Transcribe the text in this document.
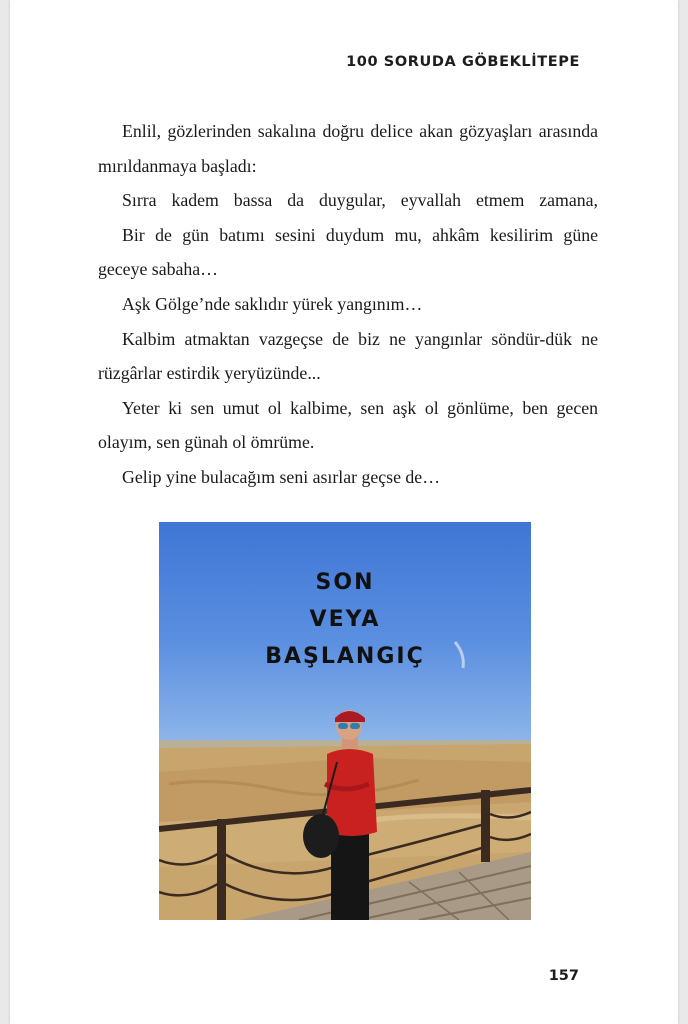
100 SORUDA GÖBEKLİTEPE

Enlil, gözlerinden sakalına doğru delice akan gözyaşları arasında mırıldanmaya başladı:

Sırra kadem bassa da duygular, eyvallah etmem zamana,

Bir de gün batımı sesini duydum mu, ahkâm kesilirim güne geceye sabaha…

Aşk Gölge’nde saklıdır yürek yangınım…

Kalbim atmaktan vazgeçse de biz ne yangınlar söndür-dük ne rüzgârlar estirdik yeryüzünde...

Yeter ki sen umut ol kalbime, sen aşk ol gönlüme, ben gecen olayım, sen günah ol ömrüme.

Gelip yine bulacağım seni asırlar geçse de…

SON
VEYA
BAŞLANGIÇ
157
